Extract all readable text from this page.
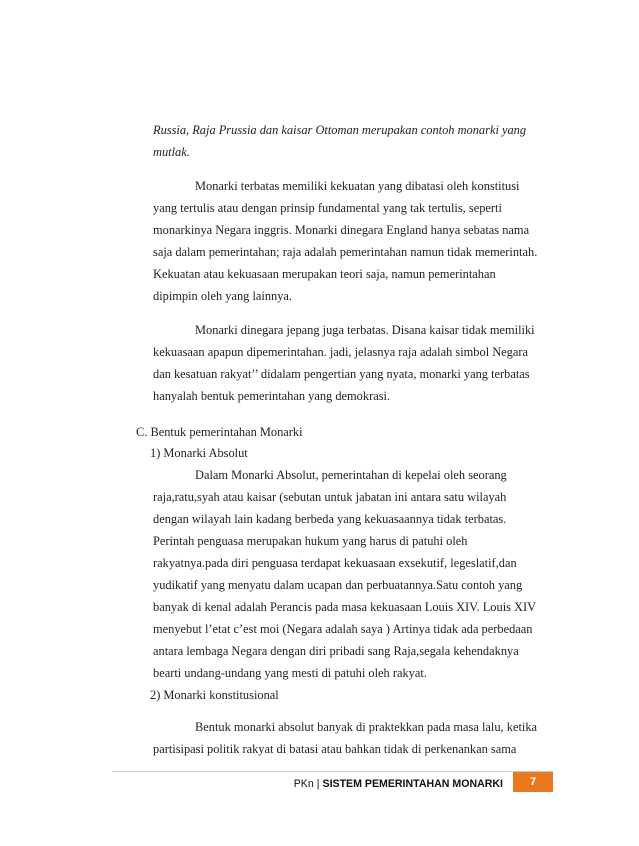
Russia, Raja Prussia dan kaisar Ottoman merupakan contoh monarki yang
mutlak.
Monarki terbatas memiliki kekuatan yang dibatasi oleh konstitusi
yang tertulis atau dengan prinsip fundamental yang tak tertulis, seperti
monarkinya Negara inggris. Monarki dinegara England hanya sebatas nama
saja dalam pemerintahan; raja adalah pemerintahan namun tidak memerintah.
Kekuatan atau kekuasaan merupakan teori saja, namun pemerintahan
dipimpin oleh yang lainnya.
Monarki dinegara jepang juga terbatas. Disana kaisar tidak memiliki
kekuasaan apapun dipemerintahan. jadi, jelasnya raja adalah simbol Negara
dan kesatuan rakyat’’ didalam pengertian yang nyata, monarki yang terbatas
hanyalah bentuk pemerintahan yang demokrasi.
C. Bentuk pemerintahan Monarki
1) Monarki Absolut
Dalam Monarki Absolut, pemerintahan di kepelai oleh seorang
raja,ratu,syah atau kaisar (sebutan untuk jabatan ini antara satu wilayah
dengan wilayah lain kadang berbeda yang kekuasaannya tidak terbatas.
Perintah penguasa merupakan hukum yang harus di patuhi oleh
rakyatnya.pada diri penguasa terdapat kekuasaan exsekutif, legeslatif,dan
yudikatif yang menyatu dalam ucapan dan perbuatannya.Satu contoh yang
banyak di kenal adalah Perancis pada masa kekuasaan Louis XIV. Louis XIV
menyebut l’etat c’est moi (Negara adalah saya ) Artinya tidak ada perbedaan
antara lembaga Negara dengan diri pribadi sang Raja,segala kehendaknya
bearti undang-undang yang mesti di patuhi oleh rakyat.
2) Monarki konstitusional
Bentuk monarki absolut banyak di praktekkan pada masa lalu, ketika
partisipasi politik rakyat di batasi atau bahkan tidak di perkenankan sama
PKn | SISTEM PEMERINTAHAN MONARKI	7
